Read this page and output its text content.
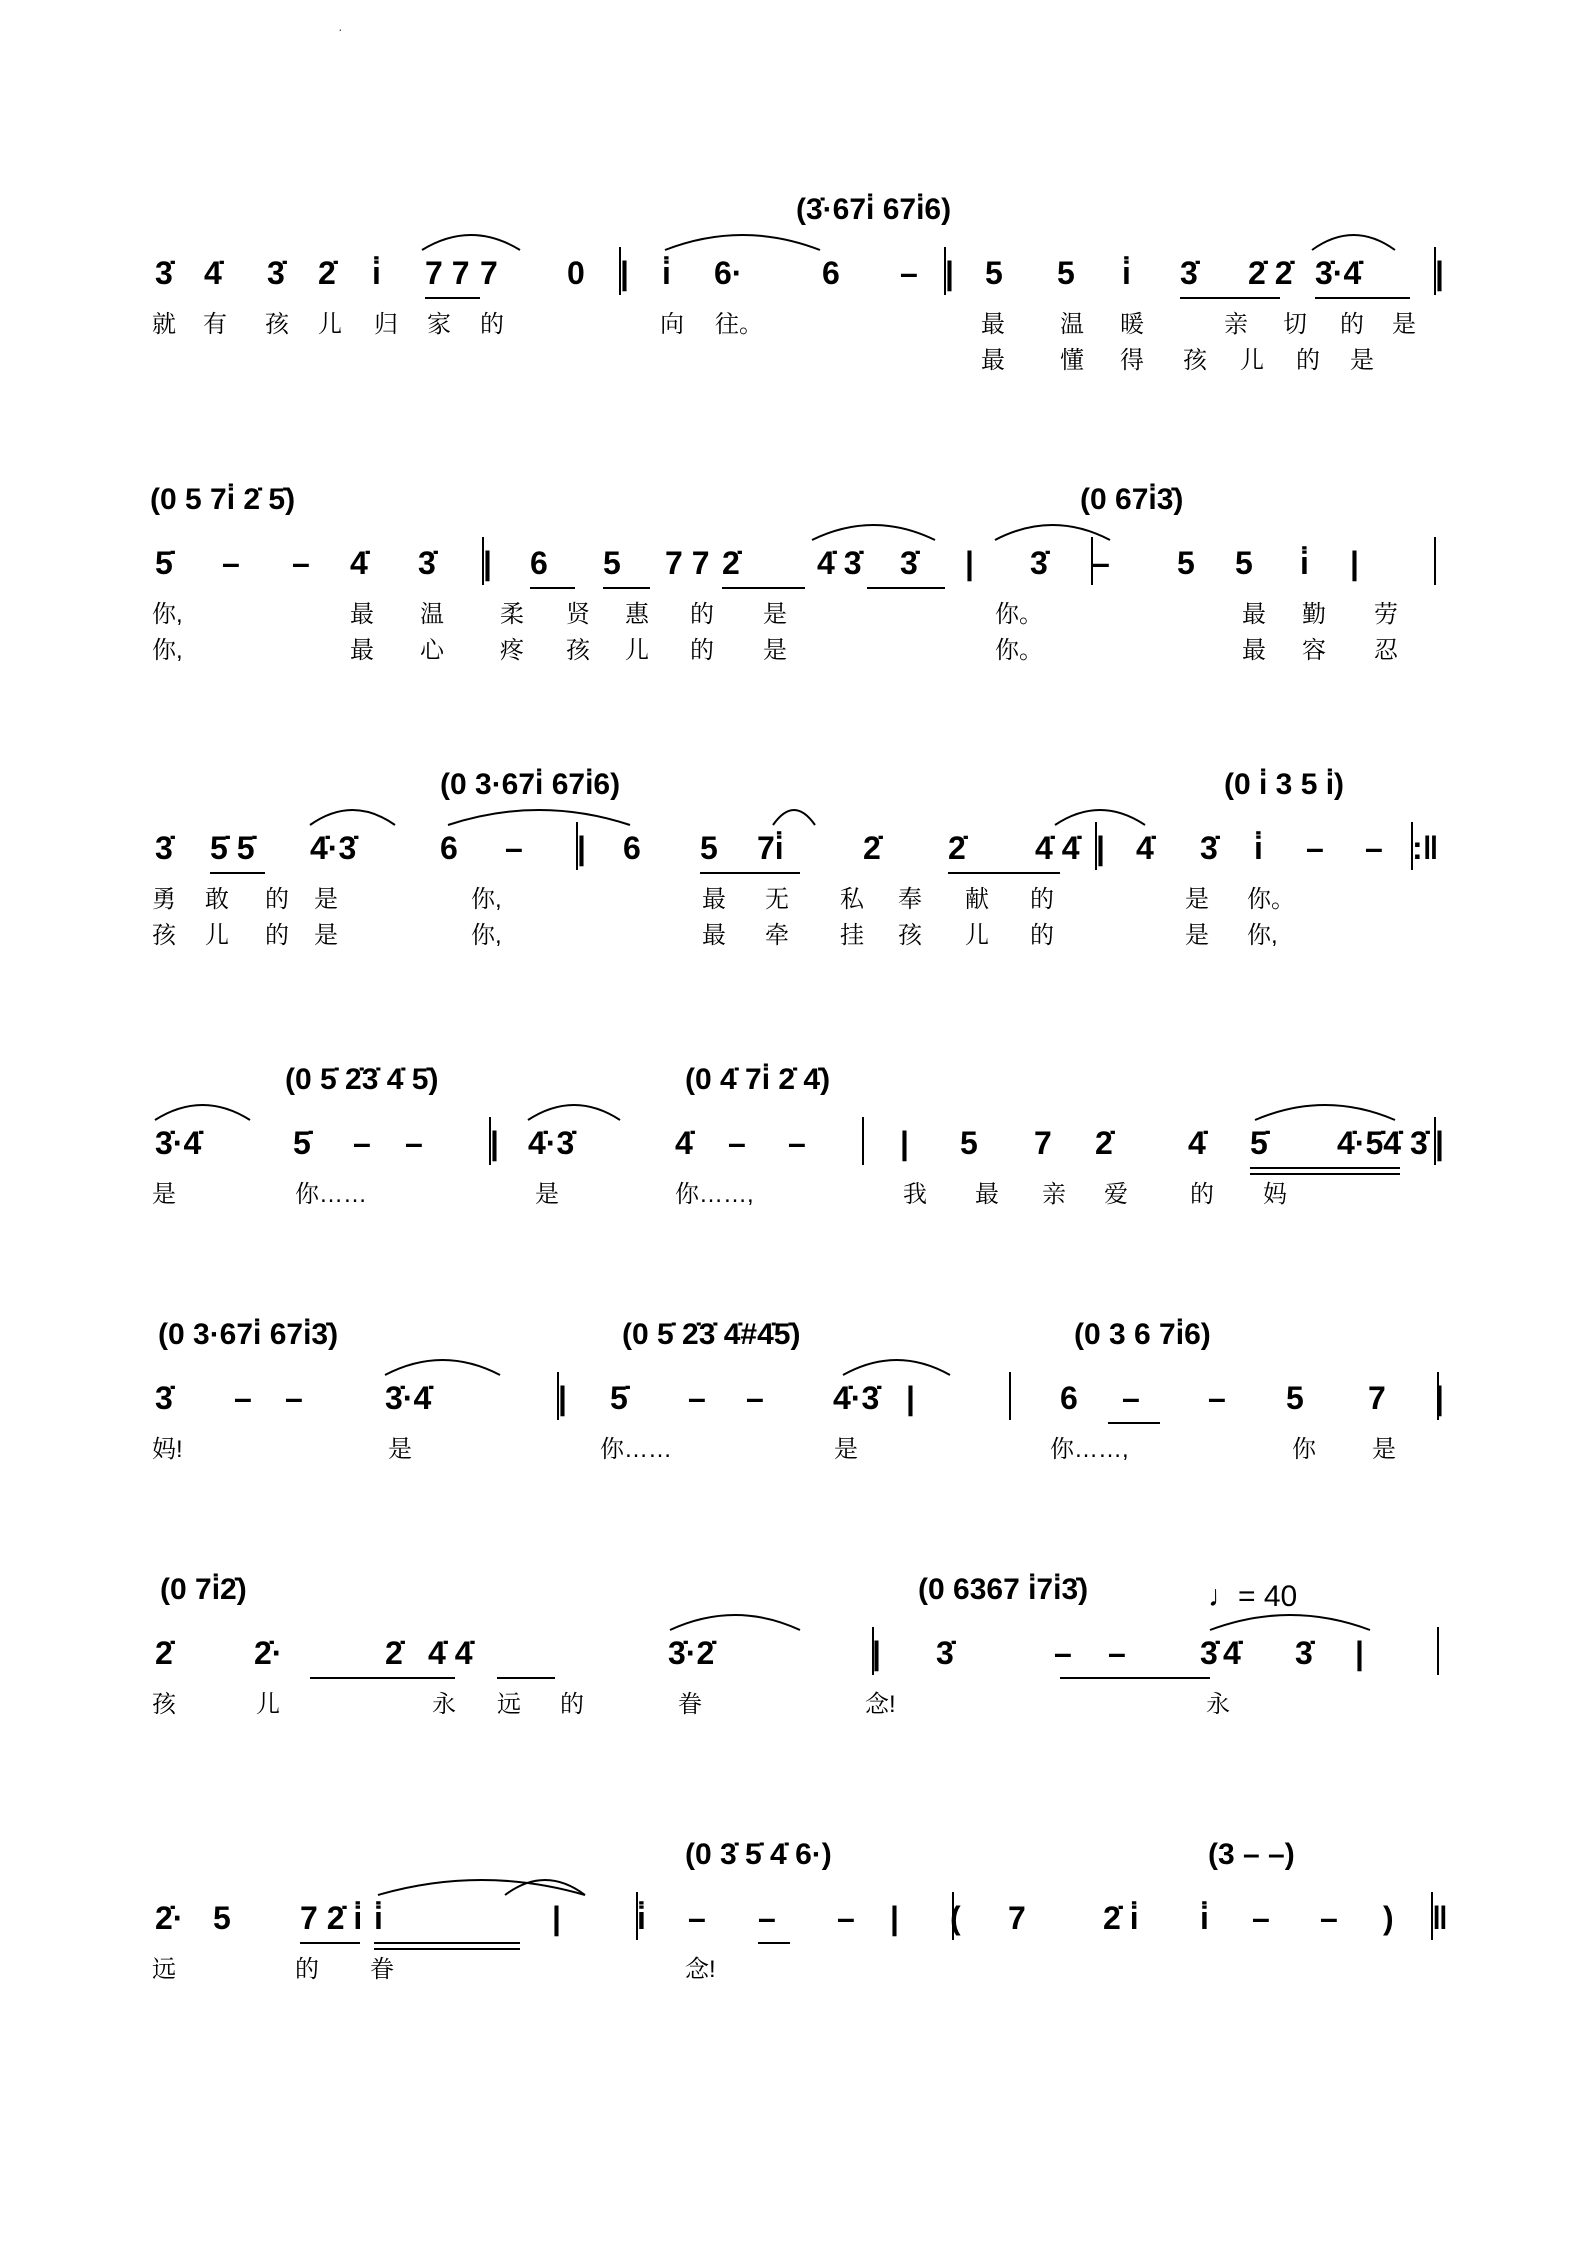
·
♩= 40
(3̇·67i̇ 67i̇6)
3̇ 4̇ 3̇ 2̇ i̇ 7 7 7 0 | i̇ 6· 6 – | 5 5 i̇ 3̇ 2̇ 2̇ 3̇·4̇ |
就 有 孩 儿 归 家 的	向 往。	最 温 暖	亲 切 的 是
最 懂 得 孩 儿 的 是
(0 5 7i̇ 2̇ 5̇)	(0 67i̇3̇)
5̇ – – 4̇ 3̇ | 6 5 7 7 2̇ 4̇ 3̇ 3̇ | 3̇ – 5 5 i̇ |
你,	最 温 柔 贤 惠 的 是	你。	最 勤 劳
你,	最 心 疼 孩 儿 的 是	你。	最 容 忍
(0 3·67i̇ 67i̇6)	(0 i̇ 3 5 i̇)
3̇ 5̇ 5̇ 4̇·3̇	6 – | 6 5 7i̇ 2̇ 2̇ 4̇ 4̇ | 4̇ 3̇ i̇ – – :‖
勇 敢 的 是	你,	最 无 私 奉 献 的	是 你。
孩 儿 的 是	你,	最 牵 挂 孩 儿 的	是 你,
(0 5̇ 2̇3̇ 4̇ 5̇)	(0 4̇ 7i̇ 2̇ 4̇)
3̇·4̇	5̇ – – | 4̇·3̇	4̇ – –	| 5 7 2̇ 4̇ 5̇ 4̇·5̇4̇ 3̇ |
是	你……	是	你……,	我 最 亲 爱	的 妈
(0 3·67i̇ 67i̇3̇)	(0 5̇ 2̇3̇ 4̇#4̇5̇)	(0 3 6 7i̇6)
3̇ – –	3̇·4̇	| 5̇ – – 4̇·3̇ |	6 – – 5 7 |
妈!	是	你……	是	你……,	你 是
(0 7i̇2̇)	(0 6367 i̇7i̇3̇)
2̇	2̇·	2̇ 4̇ 4̇	3̇·2̇	| 3̇	– – 3̇ 4̇ 3̇ |
孩	儿	永 远 的	眷	念!	永
(0 3̇ 5̇ 4̇ 6·)	(3 – –)
2̇· 5 7 2̇ i̇ i̇	| i̇ – – – | ( 7 2̇ i̇ i̇ – – ) ‖
远	的 眷	念!
